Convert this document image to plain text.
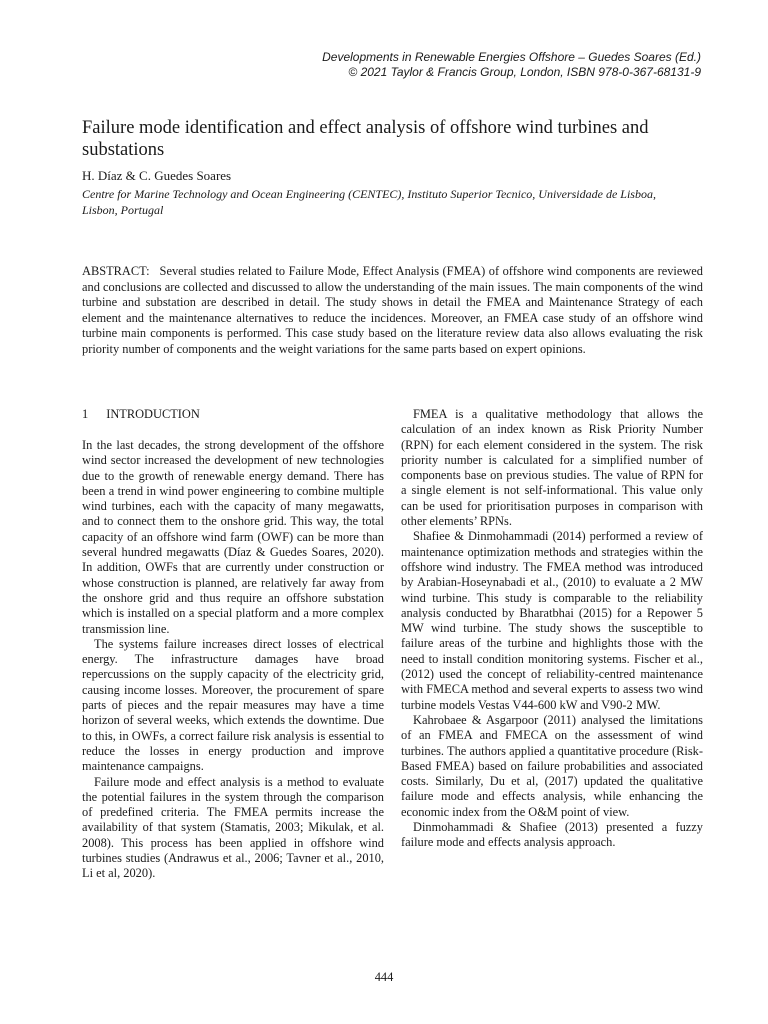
Developments in Renewable Energies Offshore – Guedes Soares (Ed.)
© 2021 Taylor & Francis Group, London, ISBN 978-0-367-68131-9
Failure mode identification and effect analysis of offshore wind turbines and substations
H. Díaz & C. Guedes Soares
Centre for Marine Technology and Ocean Engineering (CENTEC), Instituto Superior Tecnico, Universidade de Lisboa, Lisbon, Portugal
ABSTRACT: Several studies related to Failure Mode, Effect Analysis (FMEA) of offshore wind components are reviewed and conclusions are collected and discussed to allow the understanding of the main issues. The main components of the wind turbine and substation are described in detail. The study shows in detail the FMEA and Maintenance Strategy of each element and the maintenance alternatives to reduce the incidences. Moreover, an FMEA case study of an offshore wind turbine main components is performed. This case study based on the literature review data also allows evaluating the risk priority number of components and the weight variations for the same parts based on expert opinions.
1 INTRODUCTION

In the last decades, the strong development of the offshore wind sector increased the development of new technologies due to the growth of renewable energy demand. There has been a trend in wind power engineering to combine multiple wind turbines, each with the capacity of many megawatts, and to connect them to the onshore grid. This way, the total capacity of an offshore wind farm (OWF) can be more than several hundred megawatts (Díaz & Guedes Soares, 2020). In addition, OWFs that are currently under construction or whose construction is planned, are relatively far away from the onshore grid and thus require an offshore substation which is installed on a special platform and a more complex transmission line.

The systems failure increases direct losses of electrical energy. The infrastructure damages have broad repercussions on the supply capacity of the electricity grid, causing income losses. Moreover, the procurement of spare parts of pieces and the repair measures may have a time horizon of several weeks, which extends the downtime. Due to this, in OWFs, a correct failure risk analysis is essential to reduce the losses in energy production and improve maintenance campaigns.

Failure mode and effect analysis is a method to evaluate the potential failures in the system through the comparison of predefined criteria. The FMEA permits increase the availability of that system (Stamatis, 2003; Mikulak, et al. 2008). This process has been applied in offshore wind turbines studies (Andrawus et al., 2006; Tavner et al., 2010, Li et al, 2020).

FMEA is a qualitative methodology that allows the calculation of an index known as Risk Priority Number (RPN) for each element considered in the system. The risk priority number is calculated for a simplified number of components base on previous studies. The value of RPN for a single element is not self-informational. This value only can be used for prioritisation purposes in comparison with other elements’ RPNs.

Shafiee & Dinmohammadi (2014) performed a review of maintenance optimization methods and strategies within the offshore wind industry. The FMEA method was introduced by Arabian-Hoseynabadi et al., (2010) to evaluate a 2 MW wind turbine. This study is comparable to the reliability analysis conducted by Bharatbhai (2015) for a Repower 5 MW wind turbine. The study shows the susceptible to failure areas of the turbine and highlights those with the need to install condition monitoring systems. Fischer et al., (2012) used the concept of reliability-centred maintenance with FMECA method and several experts to assess two wind turbine models Vestas V44-600 kW and V90-2 MW.

Kahrobaee & Asgarpoor (2011) analysed the limitations of an FMEA and FMECA on the assessment of wind turbines. The authors applied a quantitative procedure (Risk-Based FMEA) based on failure probabilities and associated costs. Similarly, Du et al, (2017) updated the qualitative failure mode and effects analysis, while enhancing the economic index from the O&M point of view.

Dinmohammadi & Shafiee (2013) presented a fuzzy failure mode and effects analysis approach.

444
